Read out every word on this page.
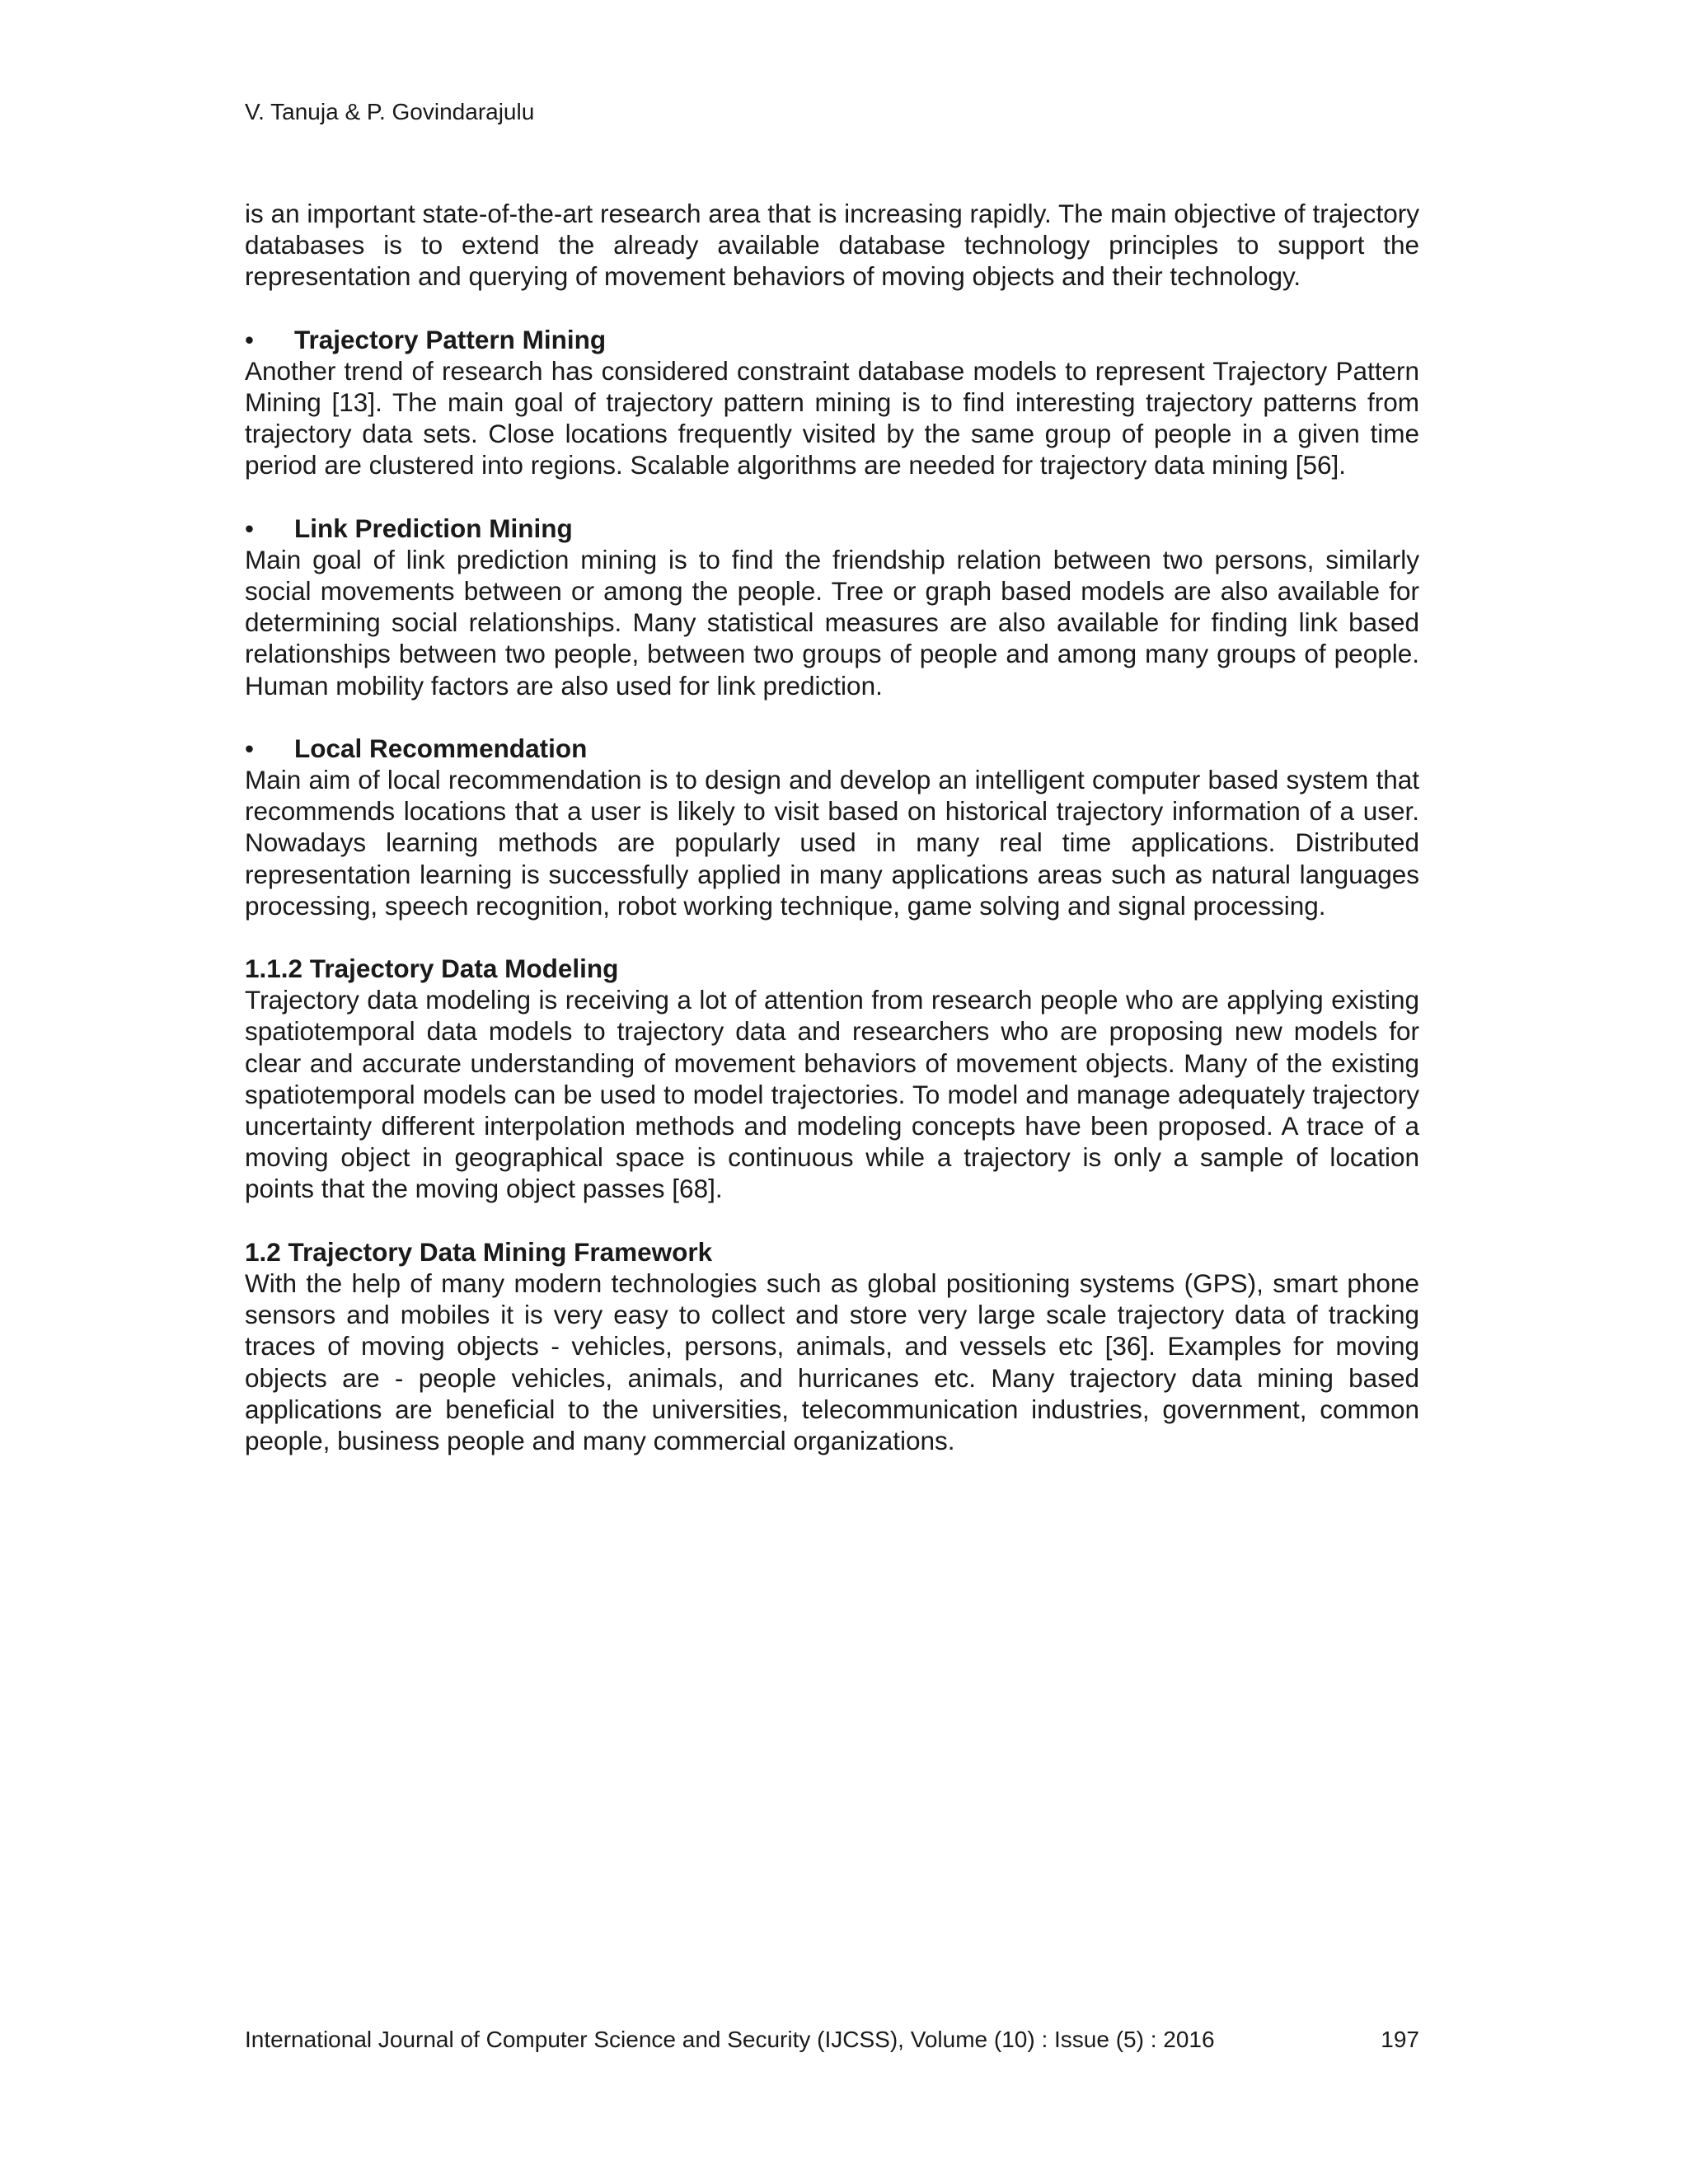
V. Tanuja & P. Govindarajulu

is an important state-of-the-art research area that is increasing rapidly. The main objective of trajectory databases is to extend the already available database technology principles to support the representation and querying of movement behaviors of moving objects and their technology.

•	Trajectory Pattern Mining

Another trend of research has considered constraint database models to represent Trajectory Pattern Mining [13]. The main goal of trajectory pattern mining is to find interesting trajectory patterns from trajectory data sets. Close locations frequently visited by the same group of people in a given time period are clustered into regions. Scalable algorithms are needed for trajectory data mining [56].

•	Link Prediction Mining

Main goal of link prediction mining is to find the friendship relation between two persons, similarly social movements between or among the people. Tree or graph based models are also available for determining social relationships. Many statistical measures are also available for finding link based relationships between two people, between two groups of people and among many groups of people. Human mobility factors are also used for link prediction.

•	Local Recommendation

Main aim of local recommendation is to design and develop an intelligent computer based system that recommends locations that a user is likely to visit based on historical trajectory information of a user. Nowadays learning methods are popularly used in many real time applications. Distributed representation learning is successfully applied in many applications areas such as natural languages processing, speech recognition, robot working technique, game solving and signal processing.

1.1.2 Trajectory Data Modeling

Trajectory data modeling is receiving a lot of attention from research people who are applying existing spatiotemporal data models to trajectory data and researchers who are proposing new models for clear and accurate understanding of movement behaviors of movement objects. Many of the existing spatiotemporal models can be used to model trajectories. To model and manage adequately trajectory uncertainty different interpolation methods and modeling concepts have been proposed. A trace of a moving object in geographical space is continuous while a trajectory is only a sample of location points that the moving object passes [68].

1.2 Trajectory Data Mining Framework

With the help of many modern technologies such as global positioning systems (GPS), smart phone sensors and mobiles it is very easy to collect and store very large scale trajectory data of tracking traces of moving objects - vehicles, persons, animals, and vessels etc [36]. Examples for moving objects are - people vehicles, animals, and hurricanes etc. Many trajectory data mining based applications are beneficial to the universities, telecommunication industries, government, common people, business people and many commercial organizations.

International Journal of Computer Science and Security (IJCSS), Volume (10) : Issue (5) : 2016	197
